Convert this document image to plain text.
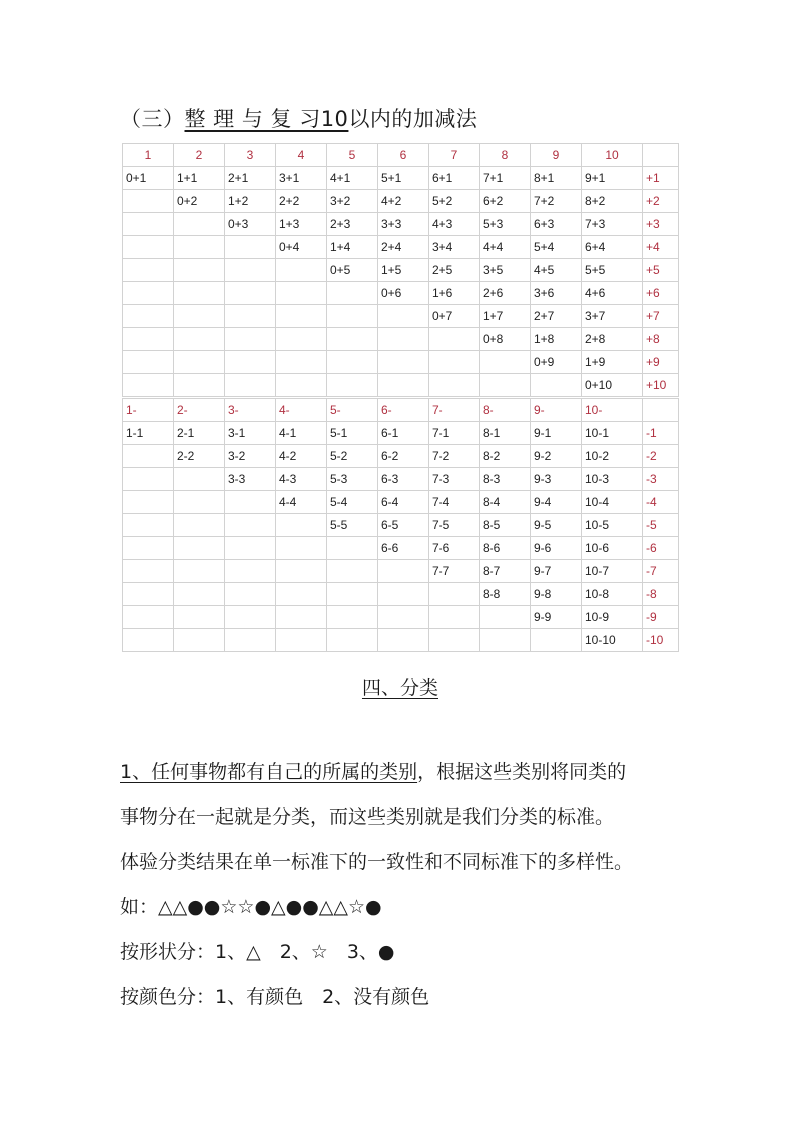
（三）整 理 与 复 习10以内的加减法
1	2	3	4	5	6	7	8	9	10	
0+1	1+1	2+1	3+1	4+1	5+1	6+1	7+1	8+1	9+1	+1
	0+2	1+2	2+2	3+2	4+2	5+2	6+2	7+2	8+2	+2
		0+3	1+3	2+3	3+3	4+3	5+3	6+3	7+3	+3
			0+4	1+4	2+4	3+4	4+4	5+4	6+4	+4
				0+5	1+5	2+5	3+5	4+5	5+5	+5
					0+6	1+6	2+6	3+6	4+6	+6
						0+7	1+7	2+7	3+7	+7
							0+8	1+8	2+8	+8
								0+9	1+9	+9
									0+10	+10
1-	2-	3-	4-	5-	6-	7-	8-	9-	10-	
1-1	2-1	3-1	4-1	5-1	6-1	7-1	8-1	9-1	10-1	-1
	2-2	3-2	4-2	5-2	6-2	7-2	8-2	9-2	10-2	-2
		3-3	4-3	5-3	6-3	7-3	8-3	9-3	10-3	-3
			4-4	5-4	6-4	7-4	8-4	9-4	10-4	-4
				5-5	6-5	7-5	8-5	9-5	10-5	-5
					6-6	7-6	8-6	9-6	10-6	-6
						7-7	8-7	9-7	10-7	-7
							8-8	9-8	10-8	-8
								9-9	10-9	-9
									10-10	-10
四、分类
1、任何事物都有自己的所属的类别，根据这些类别将同类的
事物分在一起就是分类，而这些类别就是我们分类的标准。
体验分类结果在单一标准下的一致性和不同标准下的多样性。
如：△△●●☆☆●△●●△△☆●
按形状分：1、△　2、☆　3、●
按颜色分：1、有颜色　2、没有颜色
